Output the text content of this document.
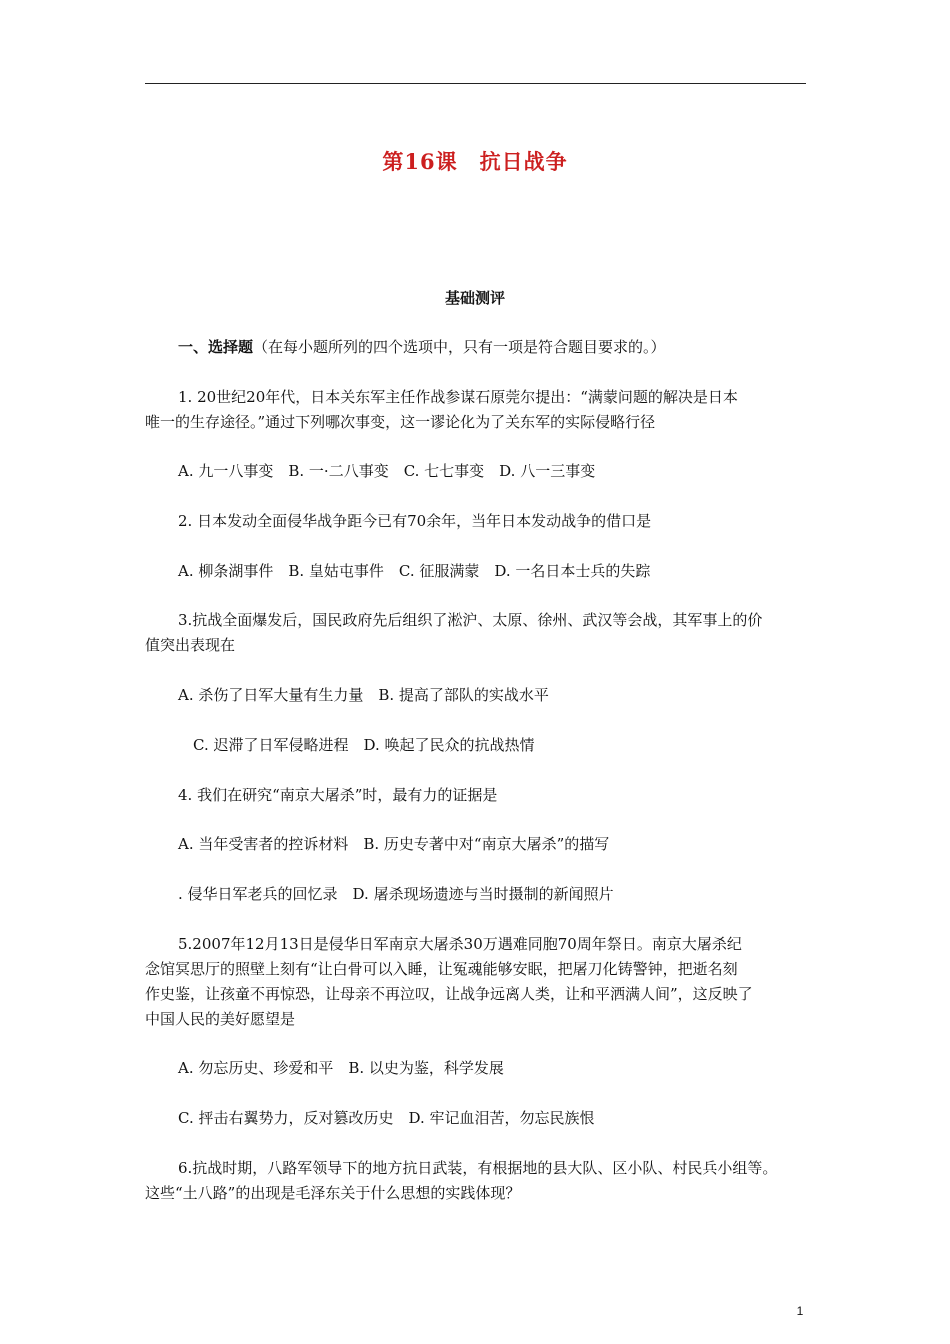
第16课　抗日战争
基础测评
一、选择题（在每小题所列的四个选项中，只有一项是符合题目要求的。）
1. 20世纪20年代，日本关东军主任作战参谋石原莞尔提出：“满蒙问题的解决是日本
唯一的生存途径。”通过下列哪次事变，这一谬论化为了关东军的实际侵略行径
A. 九一八事变　B. 一·二八事变　C. 七七事变　D. 八一三事变
2. 日本发动全面侵华战争距今已有70余年，当年日本发动战争的借口是
A. 柳条湖事件　B. 皇姑屯事件　C. 征服满蒙　D. 一名日本士兵的失踪
3.抗战全面爆发后，国民政府先后组织了淞沪、太原、徐州、武汉等会战，其军事上的价
值突出表现在
A. 杀伤了日军大量有生力量　B. 提高了部队的实战水平
C. 迟滞了日军侵略进程　D. 唤起了民众的抗战热情
4. 我们在研究“南京大屠杀”时，最有力的证据是
A. 当年受害者的控诉材料　B. 历史专著中对“南京大屠杀”的描写
. 侵华日军老兵的回忆录　D. 屠杀现场遗迹与当时摄制的新闻照片
5.2007年12月13日是侵华日军南京大屠杀30万遇难同胞70周年祭日。南京大屠杀纪
念馆冥思厅的照壁上刻有“让白骨可以入睡，让冤魂能够安眠，把屠刀化铸警钟，把逝名刻
作史鉴，让孩童不再惊恐，让母亲不再泣叹，让战争远离人类，让和平洒满人间”，这反映了
中国人民的美好愿望是
A. 勿忘历史、珍爱和平　B. 以史为鉴，科学发展
C. 抨击右翼势力，反对篡改历史　D. 牢记血泪苦，勿忘民族恨
6.抗战时期，八路军领导下的地方抗日武装，有根据地的县大队、区小队、村民兵小组等。
这些“土八路”的出现是毛泽东关于什么思想的实践体现？
1
